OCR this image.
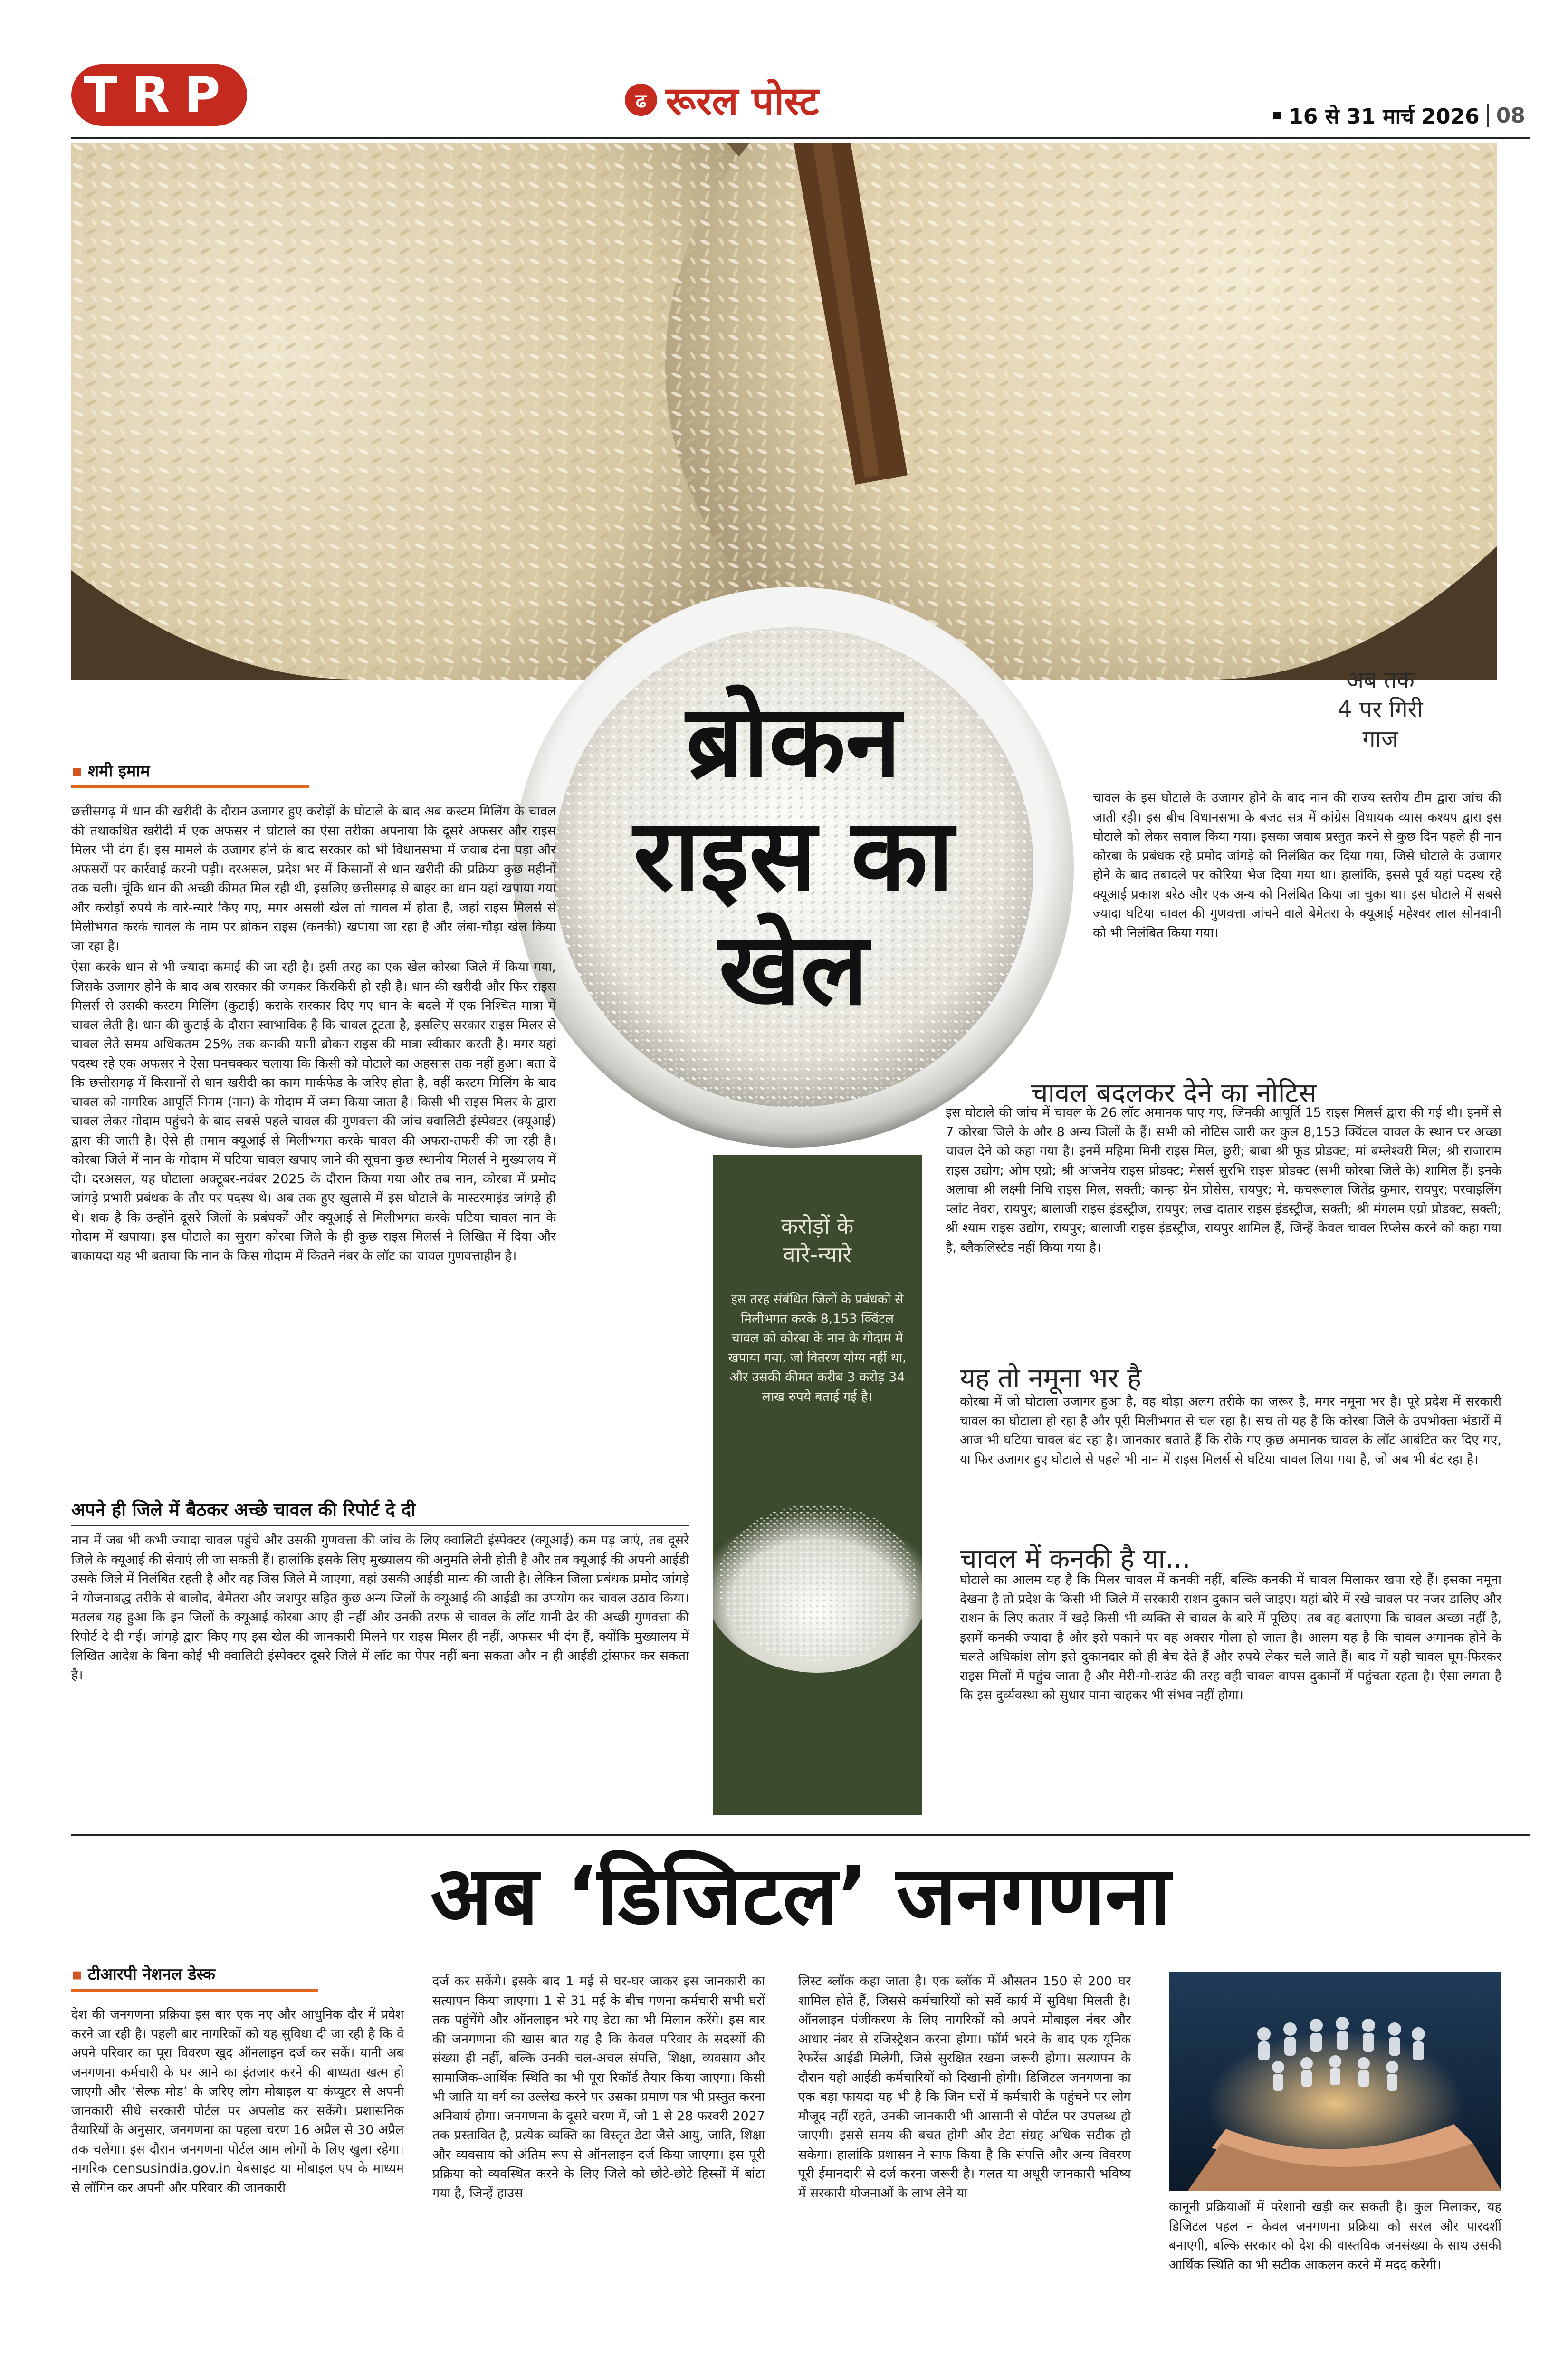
TRP	ढ रूरल पोस्ट	16 से 31 मार्च 2026 08
ब्रोकन
राइस का
खेल
अब तक
4 पर गिरी
गाज
▪ शमी इमाम

छत्तीसगढ़ में धान की खरीदी के दौरान उजागर हुए करोड़ों के घोटाले के बाद अब कस्टम मिलिंग के चावल की तथाकथित खरीदी में एक अफसर ने घोटाले का ऐसा तरीका अपनाया कि दूसरे अफसर और राइस मिलर भी दंग हैं। इस मामले के उजागर होने के बाद सरकार को भी विधानसभा में जवाब देना पड़ा और अफसरों पर कार्रवाई करनी पड़ी। दरअसल, प्रदेश भर में किसानों से धान खरीदी की प्रक्रिया कुछ महीनों तक चली। चूंकि धान की अच्छी कीमत मिल रही थी, इसलिए छत्तीसगढ़ से बाहर का धान यहां खपाया गया और करोड़ों रुपये के वारे-न्यारे किए गए, मगर असली खेल तो चावल में होता है, जहां राइस मिलर्स से मिलीभगत करके चावल के नाम पर ब्रोकन राइस (कनकी) खपाया जा रहा है और लंबा-चौड़ा खेल किया जा रहा है।

ऐसा करके धान से भी ज्यादा कमाई की जा रही है। इसी तरह का एक खेल कोरबा जिले में किया गया, जिसके उजागर होने के बाद अब सरकार की जमकर किरकिरी हो रही है। धान की खरीदी और फिर राइस मिलर्स से उसकी कस्टम मिलिंग (कुटाई) कराके सरकार दिए गए धान के बदले में एक निश्चित मात्रा में चावल लेती है। धान की कुटाई के दौरान स्वाभाविक है कि चावल टूटता है, इसलिए सरकार राइस मिलर से चावल लेते समय अधिकतम 25% तक कनकी यानी ब्रोकन राइस की मात्रा स्वीकार करती है। मगर यहां पदस्थ रहे एक अफसर ने ऐसा घनचक्कर चलाया कि किसी को घोटाले का अहसास तक नहीं हुआ। बता दें कि छत्तीसगढ़ में किसानों से धान खरीदी का काम मार्कफेड के जरिए होता है, वहीं कस्टम मिलिंग के बाद चावल को नागरिक आपूर्ति निगम (नान) के गोदाम में जमा किया जाता है। किसी भी राइस मिलर के द्वारा चावल लेकर गोदाम पहुंचने के बाद सबसे पहले चावल की गुणवत्ता की जांच क्वालिटी इंस्पेक्टर (क्यूआई) द्वारा की जाती है। ऐसे ही तमाम क्यूआई से मिलीभगत करके चावल की अफरा-तफरी की जा रही है। कोरबा जिले में नान के गोदाम में घटिया चावल खपाए जाने की सूचना कुछ स्थानीय मिलर्स ने मुख्यालय में दी। दरअसल, यह घोटाला अक्टूबर-नवंबर 2025 के दौरान किया गया और तब नान, कोरबा में प्रमोद जांगड़े प्रभारी प्रबंधक के तौर पर पदस्थ थे। अब तक हुए खुलासे में इस घोटाले के मास्टरमाइंड जांगड़े ही थे। शक है कि उन्होंने दूसरे जिलों के प्रबंधकों और क्यूआई से मिलीभगत करके घटिया चावल नान के गोदाम में खपाया। इस घोटाले का सुराग कोरबा जिले के ही कुछ राइस मिलर्स ने लिखित में दिया और बाकायदा यह भी बताया कि नान के किस गोदाम में कितने नंबर के लॉट का चावल गुणवत्ताहीन है।

अपने ही जिले में बैठकर अच्छे चावल की रिपोर्ट दे दी

नान में जब भी कभी ज्यादा चावल पहुंचे और उसकी गुणवत्ता की जांच के लिए क्वालिटी इंस्पेक्टर (क्यूआई) कम पड़ जाएं, तब दूसरे जिले के क्यूआई की सेवाएं ली जा सकती हैं। हालांकि इसके लिए मुख्यालय की अनुमति लेनी होती है और तब क्यूआई की अपनी आईडी उसके जिले में निलंबित रहती है और वह जिस जिले में जाएगा, वहां उसकी आईडी मान्य की जाती है। लेकिन जिला प्रबंधक प्रमोद जांगड़े ने योजनाबद्ध तरीके से बालोद, बेमेतरा और जशपुर सहित कुछ अन्य जिलों के क्यूआई की आईडी का उपयोग कर चावल उठाव किया। मतलब यह हुआ कि इन जिलों के क्यूआई कोरबा आए ही नहीं और उनकी तरफ से चावल के लॉट यानी ढेर की अच्छी गुणवत्ता की रिपोर्ट दे दी गई। जांगड़े द्वारा किए गए इस खेल की जानकारी मिलने पर राइस मिलर ही नहीं, अफसर भी दंग हैं, क्योंकि मुख्यालय में लिखित आदेश के बिना कोई भी क्वालिटी इंस्पेक्टर दूसरे जिले में लॉट का पेपर नहीं बना सकता और न ही आईडी ट्रांसफर कर सकता है।

करोड़ों के
वारे-न्यारे
इस तरह संबंधित जिलों के प्रबंधकों से मिलीभगत करके 8,153 क्विंटल चावल को कोरबा के नान के गोदाम में खपाया गया, जो वितरण योग्य नहीं था, और उसकी कीमत करीब 3 करोड़ 34 लाख रुपये बताई गई है।

चावल के इस घोटाले के उजागर होने के बाद नान की राज्य स्तरीय टीम द्वारा जांच की जाती रही। इस बीच विधानसभा के बजट सत्र में कांग्रेस विधायक व्यास कश्यप द्वारा इस घोटाले को लेकर सवाल किया गया। इसका जवाब प्रस्तुत करने से कुछ दिन पहले ही नान कोरबा के प्रबंधक रहे प्रमोद जांगड़े को निलंबित कर दिया गया, जिसे घोटाले के उजागर होने के बाद तबादले पर कोरिया भेज दिया गया था। हालांकि, इससे पूर्व यहां पदस्थ रहे क्यूआई प्रकाश बरेठ और एक अन्य को निलंबित किया जा चुका था। इस घोटाले में सबसे ज्यादा घटिया चावल की गुणवत्ता जांचने वाले बेमेतरा के क्यूआई महेश्वर लाल सोनवानी को भी निलंबित किया गया।

चावल बदलकर देने का नोटिस

इस घोटाले की जांच में चावल के 26 लॉट अमानक पाए गए, जिनकी आपूर्ति 15 राइस मिलर्स द्वारा की गई थी। इनमें से 7 कोरबा जिले के और 8 अन्य जिलों के हैं। सभी को नोटिस जारी कर कुल 8,153 क्विंटल चावल के स्थान पर अच्छा चावल देने को कहा गया है। इनमें महिमा मिनी राइस मिल, छुरी; बाबा श्री फूड प्रोडक्ट; मां बम्लेश्वरी मिल; श्री राजाराम राइस उद्योग; ओम एग्रो; श्री आंजनेय राइस प्रोडक्ट; मेसर्स सुरभि राइस प्रोडक्ट (सभी कोरबा जिले के) शामिल हैं। इनके अलावा श्री लक्ष्मी निधि राइस मिल, सक्ती; कान्हा ग्रेन प्रोसेस, रायपुर; मे. कचरूलाल जितेंद्र कुमार, रायपुर; परवाइलिंग प्लांट नेवरा, रायपुर; बालाजी राइस इंडस्ट्रीज, रायपुर; लख दातार राइस इंडस्ट्रीज, सक्ती; श्री मंगलम एग्रो प्रोडक्ट, सक्ती; श्री श्याम राइस उद्योग, रायपुर; बालाजी राइस इंडस्ट्रीज, रायपुर शामिल हैं, जिन्हें केवल चावल रिप्लेस करने को कहा गया है, ब्लैकलिस्टेड नहीं किया गया है।

यह तो नमूना भर है

कोरबा में जो घोटाला उजागर हुआ है, वह थोड़ा अलग तरीके का जरूर है, मगर नमूना भर है। पूरे प्रदेश में सरकारी चावल का घोटाला हो रहा है और पूरी मिलीभगत से चल रहा है। सच तो यह है कि कोरबा जिले के उपभोक्ता भंडारों में आज भी घटिया चावल बंट रहा है। जानकार बताते हैं कि रोके गए कुछ अमानक चावल के लॉट आबंटित कर दिए गए, या फिर उजागर हुए घोटाले से पहले भी नान में राइस मिलर्स से घटिया चावल लिया गया है, जो अब भी बंट रहा है।

चावल में कनकी है या...

घोटाले का आलम यह है कि मिलर चावल में कनकी नहीं, बल्कि कनकी में चावल मिलाकर खपा रहे हैं। इसका नमूना देखना है तो प्रदेश के किसी भी जिले में सरकारी राशन दुकान चले जाइए। यहां बोरे में रखे चावल पर नजर डालिए और राशन के लिए कतार में खड़े किसी भी व्यक्ति से चावल के बारे में पूछिए। तब वह बताएगा कि चावल अच्छा नहीं है, इसमें कनकी ज्यादा है और इसे पकाने पर वह अक्सर गीला हो जाता है। आलम यह है कि चावल अमानक होने के चलते अधिकांश लोग इसे दुकानदार को ही बेच देते हैं और रुपये लेकर चले जाते हैं। बाद में यही चावल घूम-फिरकर राइस मिलों में पहुंच जाता है और मेरी-गो-राउंड की तरह वही चावल वापस दुकानों में पहुंचता रहता है। ऐसा लगता है कि इस दुर्व्यवस्था को सुधार पाना चाहकर भी संभव नहीं होगा।

अब ‘डिजिटल’ जनगणना
▪ टीआरपी नेशनल डेस्क
देश की जनगणना प्रक्रिया इस बार एक नए और आधुनिक दौर में प्रवेश करने जा रही है। पहली बार नागरिकों को यह सुविधा दी जा रही है कि वे अपने परिवार का पूरा विवरण खुद ऑनलाइन दर्ज कर सकें। यानी अब जनगणना कर्मचारी के घर आने का इंतजार करने की बाध्यता खत्म हो जाएगी और ‘सेल्फ मोड’ के जरिए लोग मोबाइल या कंप्यूटर से अपनी जानकारी सीधे सरकारी पोर्टल पर अपलोड कर सकेंगे। प्रशासनिक तैयारियों के अनुसार, जनगणना का पहला चरण 16 अप्रैल से 30 अप्रैल तक चलेगा। इस दौरान जनगणना पोर्टल आम लोगों के लिए खुला रहेगा। नागरिक censusindia.gov.in वेबसाइट या मोबाइल एप के माध्यम से लॉगिन कर अपनी और परिवार की जानकारी
दर्ज कर सकेंगे। इसके बाद 1 मई से घर-घर जाकर इस जानकारी का सत्यापन किया जाएगा। 1 से 31 मई के बीच गणना कर्मचारी सभी घरों तक पहुंचेंगे और ऑनलाइन भरे गए डेटा का भी मिलान करेंगे। इस बार की जनगणना की खास बात यह है कि केवल परिवार के सदस्यों की संख्या ही नहीं, बल्कि उनकी चल-अचल संपत्ति, शिक्षा, व्यवसाय और सामाजिक-आर्थिक स्थिति का भी पूरा रिकॉर्ड तैयार किया जाएगा। किसी भी जाति या वर्ग का उल्लेख करने पर उसका प्रमाण पत्र भी प्रस्तुत करना अनिवार्य होगा। जनगणना के दूसरे चरण में, जो 1 से 28 फरवरी 2027 तक प्रस्तावित है, प्रत्येक व्यक्ति का विस्तृत डेटा जैसे आयु, जाति, शिक्षा और व्यवसाय को अंतिम रूप से ऑनलाइन दर्ज किया जाएगा। इस पूरी प्रक्रिया को व्यवस्थित करने के लिए जिले को छोटे-छोटे हिस्सों में बांटा गया है, जिन्हें हाउस
लिस्ट ब्लॉक कहा जाता है। एक ब्लॉक में औसतन 150 से 200 घर शामिल होते हैं, जिससे कर्मचारियों को सर्वे कार्य में सुविधा मिलती है। ऑनलाइन पंजीकरण के लिए नागरिकों को अपने मोबाइल नंबर और आधार नंबर से रजिस्ट्रेशन करना होगा। फॉर्म भरने के बाद एक यूनिक रेफरेंस आईडी मिलेगी, जिसे सुरक्षित रखना जरूरी होगा। सत्यापन के दौरान यही आईडी कर्मचारियों को दिखानी होगी। डिजिटल जनगणना का एक बड़ा फायदा यह भी है कि जिन घरों में कर्मचारी के पहुंचने पर लोग मौजूद नहीं रहते, उनकी जानकारी भी आसानी से पोर्टल पर उपलब्ध हो जाएगी। इससे समय की बचत होगी और डेटा संग्रह अधिक सटीक हो सकेगा। हालांकि प्रशासन ने साफ किया है कि संपत्ति और अन्य विवरण पूरी ईमानदारी से दर्ज करना जरूरी है। गलत या अधूरी जानकारी भविष्य में सरकारी योजनाओं के लाभ लेने या
कानूनी प्रक्रियाओं में परेशानी खड़ी कर सकती है। कुल मिलाकर, यह डिजिटल पहल न केवल जनगणना प्रक्रिया को सरल और पारदर्शी बनाएगी, बल्कि सरकार को देश की वास्तविक जनसंख्या के साथ उसकी आर्थिक स्थिति का भी सटीक आकलन करने में मदद करेगी।
